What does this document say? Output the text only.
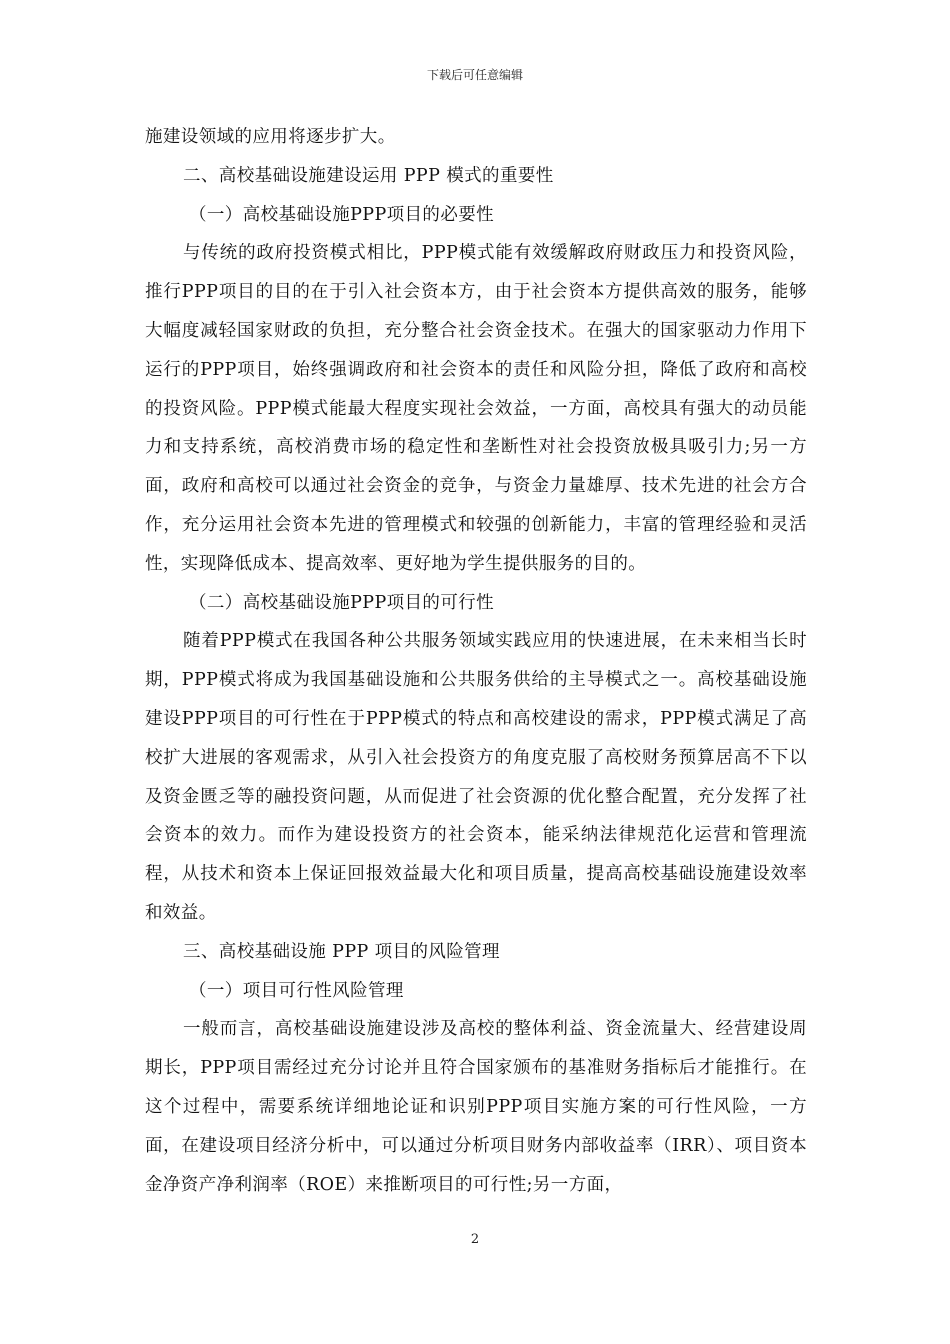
下载后可任意编辑

施建设领域的应用将逐步扩大。

二、高校基础设施建设运用 PPP 模式的重要性

（一）高校基础设施PPP项目的必要性

与传统的政府投资模式相比，PPP模式能有效缓解政府财政压力和投资风险，推行PPP项目的目的在于引入社会资本方，由于社会资本方提供高效的服务，能够大幅度减轻国家财政的负担，充分整合社会资金技术。在强大的国家驱动力作用下运行的PPP项目，始终强调政府和社会资本的责任和风险分担，降低了政府和高校的投资风险。PPP模式能最大程度实现社会效益，一方面，高校具有强大的动员能力和支持系统，高校消费市场的稳定性和垄断性对社会投资放极具吸引力;另一方面，政府和高校可以通过社会资金的竞争，与资金力量雄厚、技术先进的社会方合作，充分运用社会资本先进的管理模式和较强的创新能力，丰富的管理经验和灵活性，实现降低成本、提高效率、更好地为学生提供服务的目的。

（二）高校基础设施PPP项目的可行性

随着PPP模式在我国各种公共服务领域实践应用的快速进展，在未来相当长时期，PPP模式将成为我国基础设施和公共服务供给的主导模式之一。高校基础设施建设PPP项目的可行性在于PPP模式的特点和高校建设的需求，PPP模式满足了高校扩大进展的客观需求，从引入社会投资方的角度克服了高校财务预算居高不下以及资金匮乏等的融投资问题，从而促进了社会资源的优化整合配置，充分发挥了社会资本的效力。而作为建设投资方的社会资本，能采纳法律规范化运营和管理流程，从技术和资本上保证回报效益最大化和项目质量，提高高校基础设施建设效率和效益。

三、高校基础设施 PPP 项目的风险管理

（一）项目可行性风险管理

一般而言，高校基础设施建设涉及高校的整体利益、资金流量大、经营建设周期长，PPP项目需经过充分讨论并且符合国家颁布的基准财务指标后才能推行。在这个过程中，需要系统详细地论证和识别PPP项目实施方案的可行性风险，一方面，在建设项目经济分析中，可以通过分析项目财务内部收益率（IRR）、项目资本金净资产净利润率（ROE）来推断项目的可行性;另一方面，

2
